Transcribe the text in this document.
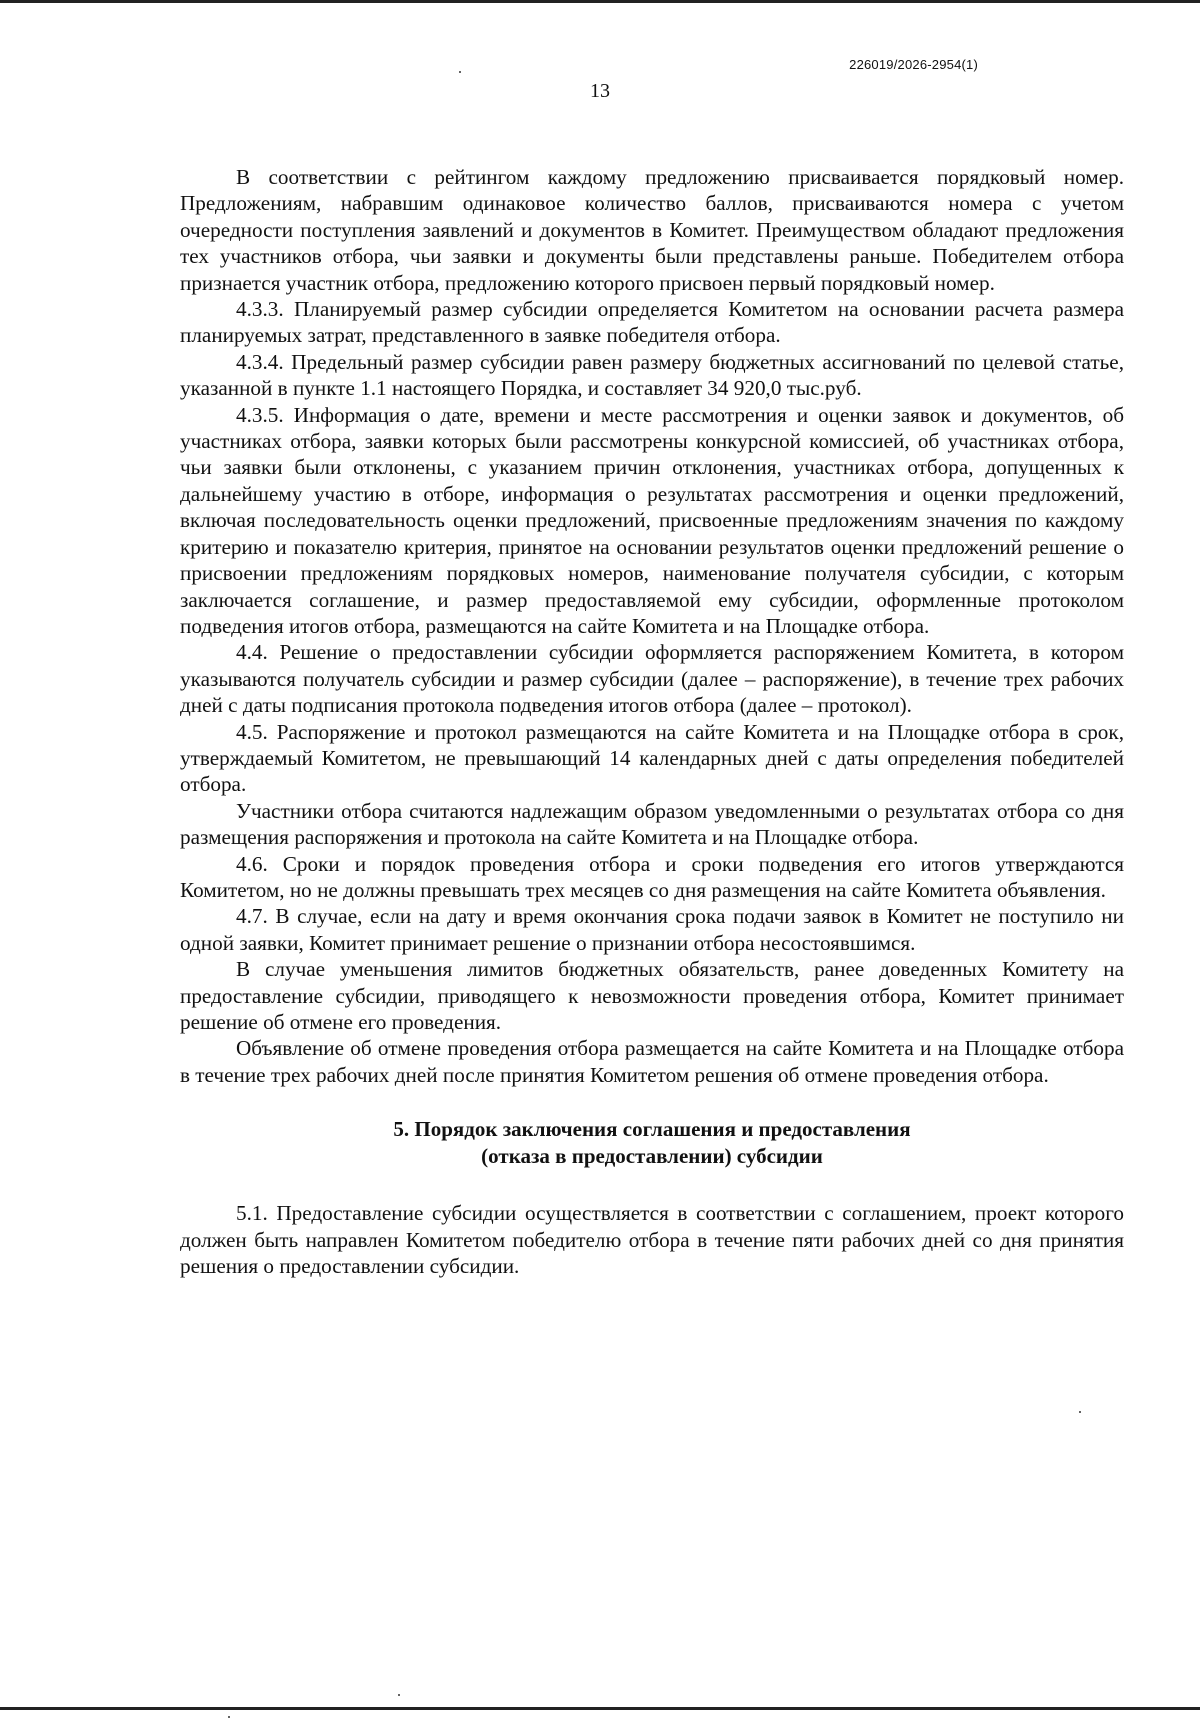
226019/2026-2954(1)
13

В соответствии с рейтингом каждому предложению присваивается порядковый номер. Предложениям, набравшим одинаковое количество баллов, присваиваются номера с учетом очередности поступления заявлений и документов в Комитет. Преимуществом обладают предложения тех участников отбора, чьи заявки и документы были представлены раньше. Победителем отбора признается участник отбора, предложению которого присвоен первый порядковый номер.

4.3.3. Планируемый размер субсидии определяется Комитетом на основании расчета размера планируемых затрат, представленного в заявке победителя отбора.

4.3.4. Предельный размер субсидии равен размеру бюджетных ассигнований по целевой статье, указанной в пункте 1.1 настоящего Порядка, и составляет 34 920,0 тыс.руб.

4.3.5. Информация о дате, времени и месте рассмотрения и оценки заявок и документов, об участниках отбора, заявки которых были рассмотрены конкурсной комиссией, об участниках отбора, чьи заявки были отклонены, с указанием причин отклонения, участниках отбора, допущенных к дальнейшему участию в отборе, информация о результатах рассмотрения и оценки предложений, включая последовательность оценки предложений, присвоенные предложениям значения по каждому критерию и показателю критерия, принятое на основании результатов оценки предложений решение о присвоении предложениям порядковых номеров, наименование получателя субсидии, с которым заключается соглашение, и размер предоставляемой ему субсидии, оформленные протоколом подведения итогов отбора, размещаются на сайте Комитета и на Площадке отбора.

4.4. Решение о предоставлении субсидии оформляется распоряжением Комитета, в котором указываются получатель субсидии и размер субсидии (далее – распоряжение), в течение трех рабочих дней с даты подписания протокола подведения итогов отбора (далее – протокол).

4.5. Распоряжение и протокол размещаются на сайте Комитета и на Площадке отбора в срок, утверждаемый Комитетом, не превышающий 14 календарных дней с даты определения победителей отбора.

Участники отбора считаются надлежащим образом уведомленными о результатах отбора со дня размещения распоряжения и протокола на сайте Комитета и на Площадке отбора.

4.6. Сроки и порядок проведения отбора и сроки подведения его итогов утверждаются Комитетом, но не должны превышать трех месяцев со дня размещения на сайте Комитета объявления.

4.7. В случае, если на дату и время окончания срока подачи заявок в Комитет не поступило ни одной заявки, Комитет принимает решение о признании отбора несостоявшимся.

В случае уменьшения лимитов бюджетных обязательств, ранее доведенных Комитету на предоставление субсидии, приводящего к невозможности проведения отбора, Комитет принимает решение об отмене его проведения.

Объявление об отмене проведения отбора размещается на сайте Комитета и на Площадке отбора в течение трех рабочих дней после принятия Комитетом решения об отмене проведения отбора.

5. Порядок заключения соглашения и предоставления
(отказа в предоставлении) субсидии

5.1. Предоставление субсидии осуществляется в соответствии с соглашением, проект которого должен быть направлен Комитетом победителю отбора в течение пяти рабочих дней со дня принятия решения о предоставлении субсидии.
